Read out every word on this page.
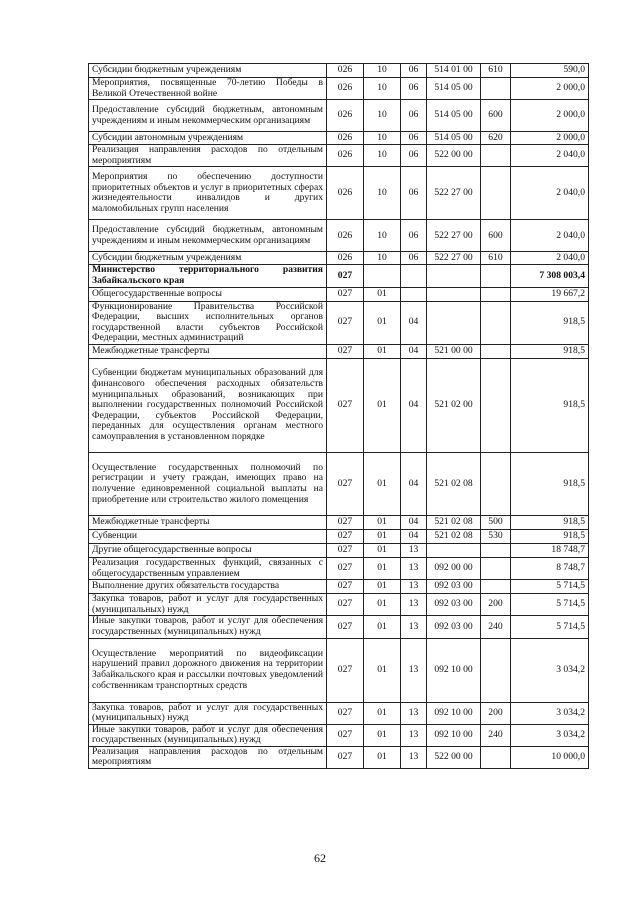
Субсидии бюджетным учреждениям	026	10	06	514 01 00	610	590,0
Мероприятия, посвященные 70-летию Победы в Великой Отечественной войне	026	10	06	514 05 00		2 000,0
Предоставление субсидий бюджетным, автономным учреждениям и иным некоммерческим организациям	026	10	06	514 05 00	600	2 000,0
Субсидии автономным учреждениям	026	10	06	514 05 00	620	2 000,0
Реализация направления расходов по отдельным мероприятиям	026	10	06	522 00 00		2 040,0
Мероприятия по обеспечению доступности приоритетных объектов и услуг в приоритетных сферах жизнедеятельности инвалидов и других маломобильных групп населения	026	10	06	522 27 00		2 040,0
Предоставление субсидий бюджетным, автономным учреждениям и иным некоммерческим организациям	026	10	06	522 27 00	600	2 040,0
Субсидии бюджетным учреждениям	026	10	06	522 27 00	610	2 040,0
Министерство территориального развития Забайкальского края	027					7 308 003,4
Общегосударственные вопросы	027	01				19 667,2
Функционирование Правительства Российской Федерации, высших исполнительных органов государственной власти субъектов Российской Федерации, местных администраций	027	01	04			918,5
Межбюджетные трансферты	027	01	04	521 00 00		918,5
Субвенции бюджетам муниципальных образований для финансового обеспечения расходных обязательств муниципальных образований, возникающих при выполнении государственных полномочий Российской Федерации, субъектов Российской Федерации, переданных для осуществления органам местного самоуправления в установленном порядке	027	01	04	521 02 00		918,5
Осуществление государственных полномочий по регистрации и учету граждан, имеющих право на получение единовременной социальной выплаты на приобретение или строительство жилого помещения	027	01	04	521 02 08		918,5
Межбюджетные трансферты	027	01	04	521 02 08	500	918,5
Субвенции	027	01	04	521 02 08	530	918,5
Другие общегосударственные вопросы	027	01	13			18 748,7
Реализация государственных функций, связанных с общегосударственным управлением	027	01	13	092 00 00		8 748,7
Выполнение других обязательств государства	027	01	13	092 03 00		5 714,5
Закупка товаров, работ и услуг для государственных (муниципальных) нужд	027	01	13	092 03 00	200	5 714,5
Иные закупки товаров, работ и услуг для обеспечения государственных (муниципальных) нужд	027	01	13	092 03 00	240	5 714,5
Осуществление мероприятий по видеофиксации нарушений правил дорожного движения на территории Забайкальского края и рассылки почтовых уведомлений собственникам транспортных средств	027	01	13	092 10 00		3 034,2
Закупка товаров, работ и услуг для государственных (муниципальных) нужд	027	01	13	092 10 00	200	3 034,2
Иные закупки товаров, работ и услуг для обеспечения государственных (муниципальных) нужд	027	01	13	092 10 00	240	3 034,2
Реализация направления расходов по отдельным мероприятиям	027	01	13	522 00 00		10 000,0
62
